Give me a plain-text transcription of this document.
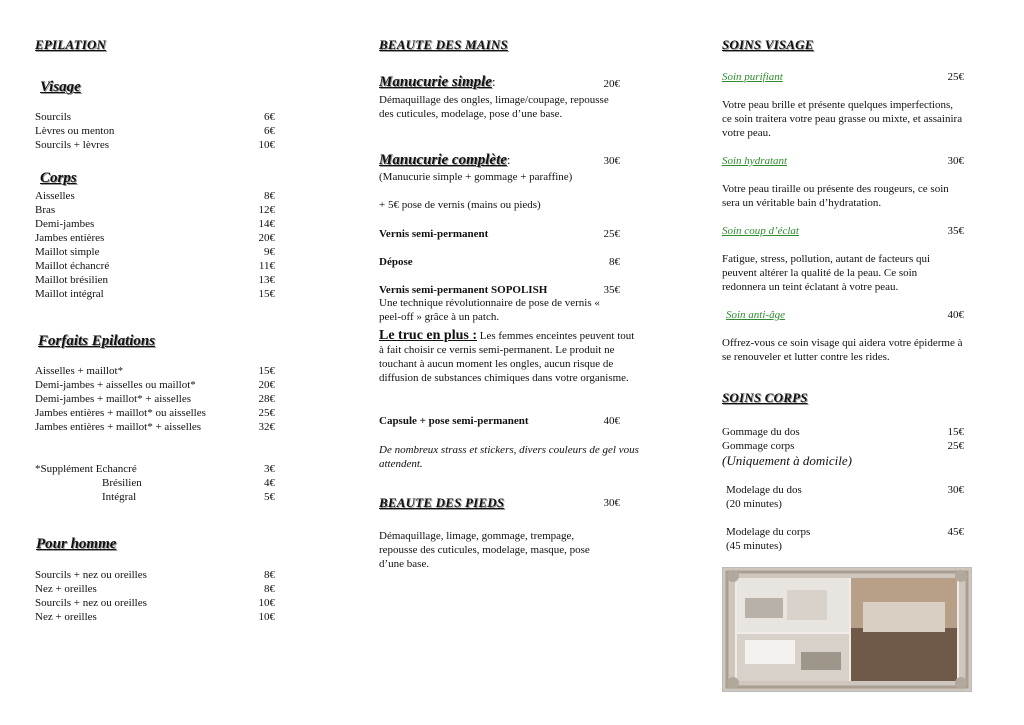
EPILATION
Visage
Sourcils	6€
Lèvres ou menton	6€
Sourcils + lèvres	10€
Corps
Aisselles	8€
Bras	12€
Demi-jambes	14€
Jambes entières	20€
Maillot simple	9€
Maillot échancré	11€
Maillot brésilien	13€
Maillot intégral	15€
Forfaits Epilations
Aisselles + maillot*	15€
Demi-jambes + aisselles ou maillot*	20€
Demi-jambes + maillot* + aisselles	28€
Jambes entières + maillot* ou aisselles	25€
Jambes entières + maillot* + aisselles	32€
*Supplément Echancré	3€
Brésilien	4€
Intégral	5€
Pour homme
Sourcils + nez ou oreilles	8€
Nez + oreilles	8€
Sourcils + nez ou oreilles	10€
Nez + oreilles	10€
BEAUTE DES MAINS
Manucurie simple:	20€
Démaquillage des ongles, limage/coupage, repousse des cuticules, modelage, pose d’une base.
Manucurie complète:	30€
(Manucurie simple + gommage + paraffine)
+ 5€ pose de vernis (mains ou pieds)
Vernis semi-permanent	25€
Dépose	8€
Vernis semi-permanent SOPOLISH	35€
Une technique révolutionnaire de pose de vernis « peel-off » grâce à un patch.
Le truc en plus : Les femmes enceintes peuvent tout à fait choisir ce vernis semi-permanent. Le produit ne touchant à aucun moment les ongles, aucun risque de diffusion de substances chimiques dans votre organisme.
Capsule + pose semi-permanent	40€
De nombreux strass et stickers, divers couleurs de gel vous attendent.
BEAUTE DES PIEDS	30€
Démaquillage, limage, gommage, trempage, repousse des cuticules, modelage, masque, pose d’une base.
SOINS VISAGE
Soin purifiant	25€
Votre peau brille et présente quelques imperfections, ce soin traitera votre peau grasse ou mixte, et assainira votre peau.
Soin hydratant	30€
Votre peau tiraille ou présente des rougeurs, ce soin sera un véritable bain d’hydratation.
Soin coup d’éclat	35€
Fatigue, stress, pollution, autant de facteurs qui peuvent altérer la qualité de la peau. Ce soin redonnera un teint éclatant à votre peau.
Soin anti-âge	40€
Offrez-vous ce soin visage qui aidera votre épiderme à se renouveler et lutter contre les rides.
SOINS CORPS
Gommage du dos	15€
Gommage corps	25€
(Uniquement à domicile)
Modelage du dos	30€
(20 minutes)
Modelage du corps	45€
(45 minutes)
